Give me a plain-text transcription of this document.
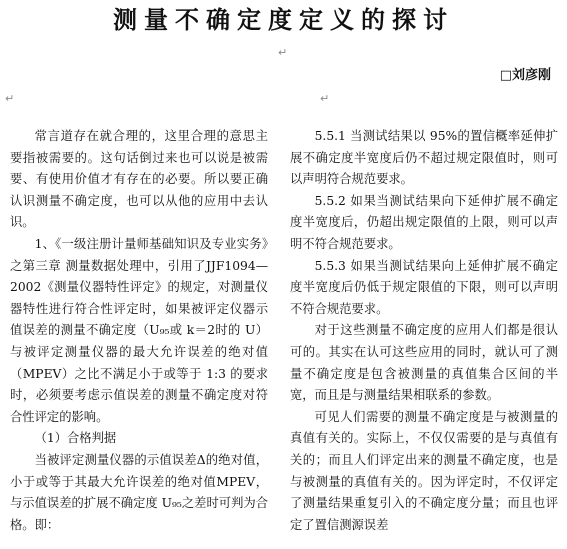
测量不确定度定义的探讨
↵
□刘彦刚
↵	↵

常言道存在就合理的，这里合理的意思主要指被需要的。这句话倒过来也可以说是被需要、有使用价值才有存在的必要。所以要正确认识测量不确定度，也可以从他的应用中去认识。

1、《一级注册计量师基础知识及专业实务》之第三章 测量数据处理中，引用了JJF1094—2002《测量仪器特性评定》的规定，对测量仪器特性进行符合性评定时，如果被评定仪器示值误差的测量不确定度（U₉₅或 k＝2时的 U）与被评定测量仪器的最大允许误差的绝对值（MPEV）之比不满足小于或等于 1:3 的要求时，必须要考虑示值误差的测量不确定度对符合性评定的影响。

（1）合格判据

当被评定测量仪器的示值误差Δ的绝对值，小于或等于其最大允许误差的绝对值MPEV，与示值误差的扩展不确定度 U₉₅之差时可判为合格。即：

5.5.1 当测试结果以 95%的置信概率延伸扩展不确定度半宽度后仍不超过规定限值时，则可以声明符合规范要求。

5.5.2 如果当测试结果向下延伸扩展不确定度半宽度后，仍超出规定限值的上限，则可以声明不符合规范要求。

5.5.3 如果当测试结果向上延伸扩展不确定度半宽度后仍低于规定限值的下限，则可以声明不符合规范要求。

对于这些测量不确定度的应用人们都是很认可的。其实在认可这些应用的同时，就认可了测量不确定度是包含被测量的真值集合区间的半宽，而且是与测量结果相联系的参数。

可见人们需要的测量不确定度是与被测量的真值有关的。实际上，不仅仅需要的是与真值有关的；而且人们评定出来的测量不确定度，也是与被测量的真值有关的。因为评定时，不仅评定了测量结果重复引入的不确定度分量；而且也评定了置信测源误差
